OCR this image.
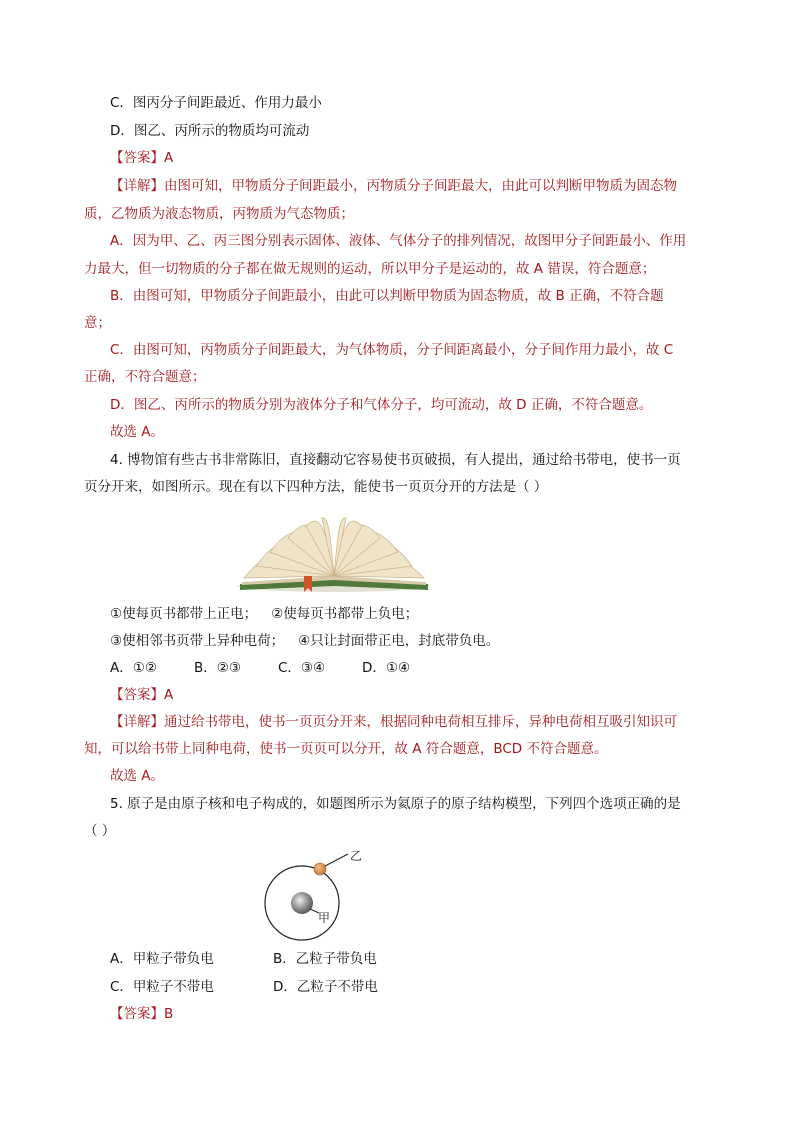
C．图丙分子间距最近、作用力最小
D．图乙、丙所示的物质均可流动
【答案】A
【详解】由图可知，甲物质分子间距最小，丙物质分子间距最大，由此可以判断甲物质为固态物
质，乙物质为液态物质，丙物质为气态物质；
A．因为甲、乙、丙三图分别表示固体、液体、气体分子的排列情况，故图甲分子间距最小、作用
力最大，但一切物质的分子都在做无规则的运动，所以甲分子是运动的，故 A 错误，符合题意；
B．由图可知，甲物质分子间距最小，由此可以判断甲物质为固态物质，故 B 正确，不符合题
意；
C．由图可知，丙物质分子间距最大，为气体物质，分子间距离最小，分子间作用力最小，故 C
正确，不符合题意；
D．图乙、丙所示的物质分别为液体分子和气体分子，均可流动，故 D 正确，不符合题意。
故选 A。
4. 博物馆有些古书非常陈旧，直接翻动它容易使书页破损，有人提出，通过给书带电，使书一页
页分开来，如图所示。现在有以下四种方法，能使书一页页分开的方法是（ ）
①使每页书都带上正电； ②使每页书都带上负电；
③使相邻书页带上异种电荷； ④只让封面带正电，封底带负电。
A．①②	B．②③	C．③④	D．①④
【答案】A
【详解】通过给书带电，使书一页页分开来，根据同种电荷相互排斥，异种电荷相互吸引知识可
知，可以给书带上同种电荷，使书一页页可以分开，故 A 符合题意，BCD 不符合题意。
故选 A。
5. 原子是由原子核和电子构成的，如题图所示为氦原子的原子结构模型，下列四个选项正确的是
（ ）
乙
甲
A．甲粒子带负电	B．乙粒子带负电
C．甲粒子不带电	D．乙粒子不带电
【答案】B
